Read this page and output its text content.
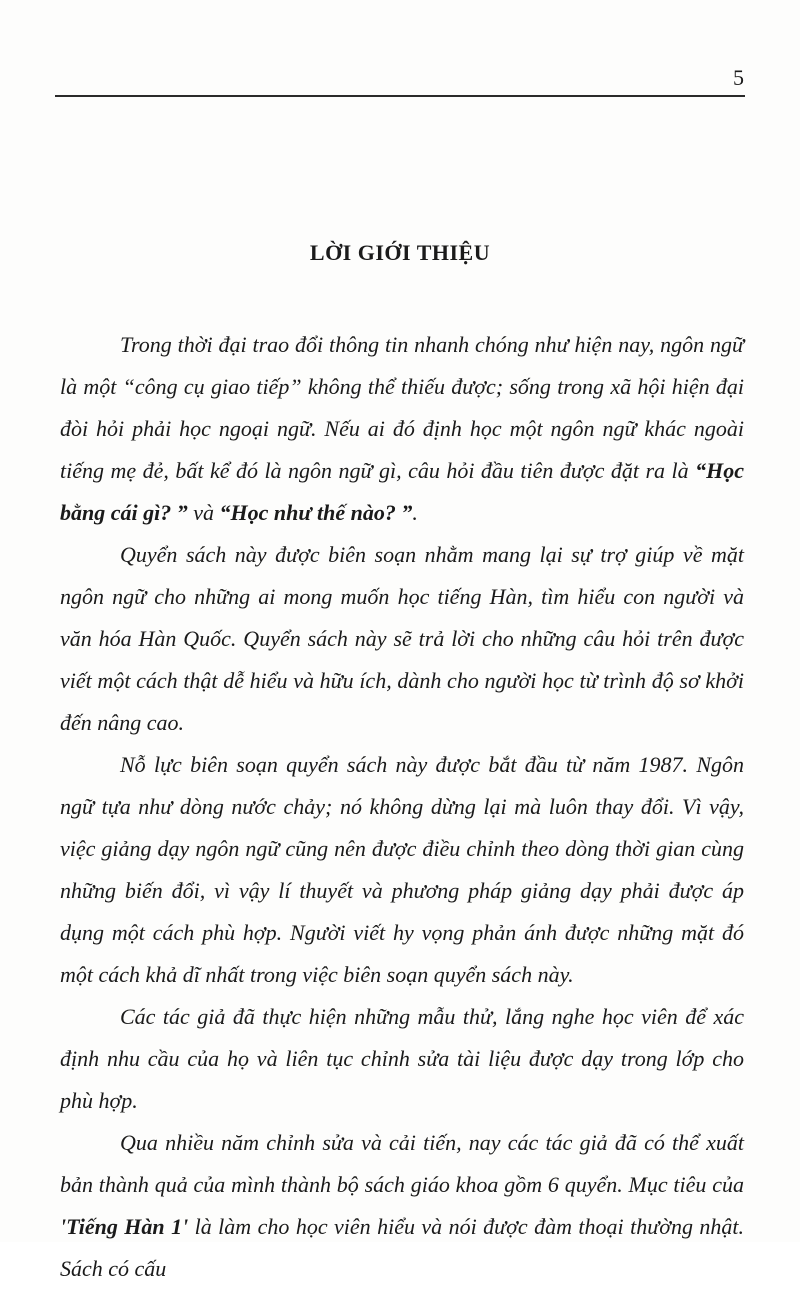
5
LỜI GIỚI THIỆU

Trong thời đại trao đổi thông tin nhanh chóng như hiện nay, ngôn ngữ là một “công cụ giao tiếp” không thể thiếu được; sống trong xã hội hiện đại đòi hỏi phải học ngoại ngữ. Nếu ai đó định học một ngôn ngữ khác ngoài tiếng mẹ đẻ, bất kể đó là ngôn ngữ gì, câu hỏi đầu tiên được đặt ra là “Học bằng cái gì? ” và “Học như thế nào? ”.

Quyển sách này được biên soạn nhằm mang lại sự trợ giúp về mặt ngôn ngữ cho những ai mong muốn học tiếng Hàn, tìm hiểu con người và văn hóa Hàn Quốc. Quyển sách này sẽ trả lời cho những câu hỏi trên được viết một cách thật dễ hiểu và hữu ích, dành cho người học từ trình độ sơ khởi đến nâng cao.

Nỗ lực biên soạn quyển sách này được bắt đầu từ năm 1987. Ngôn ngữ tựa như dòng nước chảy; nó không dừng lại mà luôn thay đổi. Vì vậy, việc giảng dạy ngôn ngữ cũng nên được điều chỉnh theo dòng thời gian cùng những biến đổi, vì vậy lí thuyết và phương pháp giảng dạy phải được áp dụng một cách phù hợp. Người viết hy vọng phản ánh được những mặt đó một cách khả dĩ nhất trong việc biên soạn quyển sách này.

Các tác giả đã thực hiện những mẫu thử, lắng nghe học viên để xác định nhu cầu của họ và liên tục chỉnh sửa tài liệu được dạy trong lớp cho phù hợp.

Qua nhiều năm chỉnh sửa và cải tiến, nay các tác giả đã có thể xuất bản thành quả của mình thành bộ sách giáo khoa gồm 6 quyển. Mục tiêu của 'Tiếng Hàn 1' là làm cho học viên hiểu và nói được đàm thoại thường nhật. Sách có cấu
